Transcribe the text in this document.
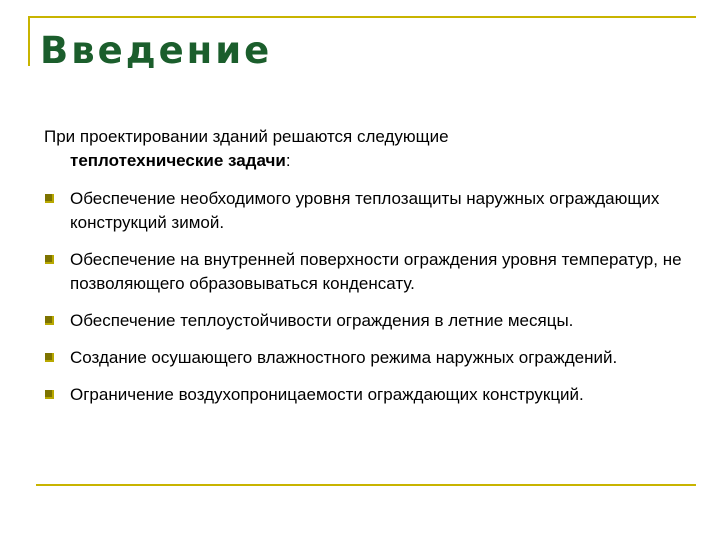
Введение

При проектировании зданий решаются следующие
теплотехнические задачи:

Обеспечение необходимого уровня теплозащиты наружных ограждающих конструкций зимой.
Обеспечение на внутренней поверхности ограждения уровня температур, не позволяющего образовываться конденсату.
Обеспечение теплоустойчивости ограждения в летние месяцы.
Создание осушающего влажностного режима наружных ограждений.
Ограничение воздухопроницаемости ограждающих конструкций.
